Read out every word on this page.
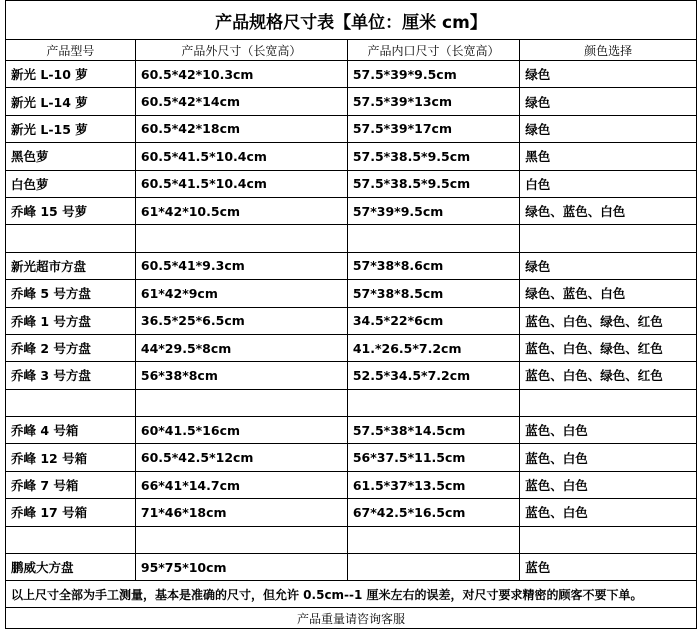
产品规格尺寸表【单位：厘米 cm】			
产品型号	产品外尺寸（长宽高）	产品内口尺寸（长宽高）	颜色选择
新光 L-10 萝	60.5*42*10.3cm	57.5*39*9.5cm	绿色
新光 L-14 萝	60.5*42*14cm	57.5*39*13cm	绿色
新光 L-15 萝	60.5*42*18cm	57.5*39*17cm	绿色
黑色萝	60.5*41.5*10.4cm	57.5*38.5*9.5cm	黑色
白色萝	60.5*41.5*10.4cm	57.5*38.5*9.5cm	白色
乔峰 15 号萝	61*42*10.5cm	57*39*9.5cm	绿色、蓝色、白色

新光超市方盘	60.5*41*9.3cm	57*38*8.6cm	绿色
乔峰 5 号方盘	61*42*9cm	57*38*8.5cm	绿色、蓝色、白色
乔峰 1 号方盘	36.5*25*6.5cm	34.5*22*6cm	蓝色、白色、绿色、红色
乔峰 2 号方盘	44*29.5*8cm	41.*26.5*7.2cm	蓝色、白色、绿色、红色
乔峰 3 号方盘	56*38*8cm	52.5*34.5*7.2cm	蓝色、白色、绿色、红色

乔峰 4 号箱	60*41.5*16cm	57.5*38*14.5cm	蓝色、白色
乔峰 12 号箱	60.5*42.5*12cm	56*37.5*11.5cm	蓝色、白色
乔峰 7 号箱	66*41*14.7cm	61.5*37*13.5cm	蓝色、白色
乔峰 17 号箱	71*46*18cm	67*42.5*16.5cm	蓝色、白色

鹏威大方盘	95*75*10cm		蓝色
以上尺寸全部为手工测量，基本是准确的尺寸，但允许 0.5cm--1 厘米左右的误差，对尺寸要求精密的顾客不要下单。			
产品重量请咨询客服			
